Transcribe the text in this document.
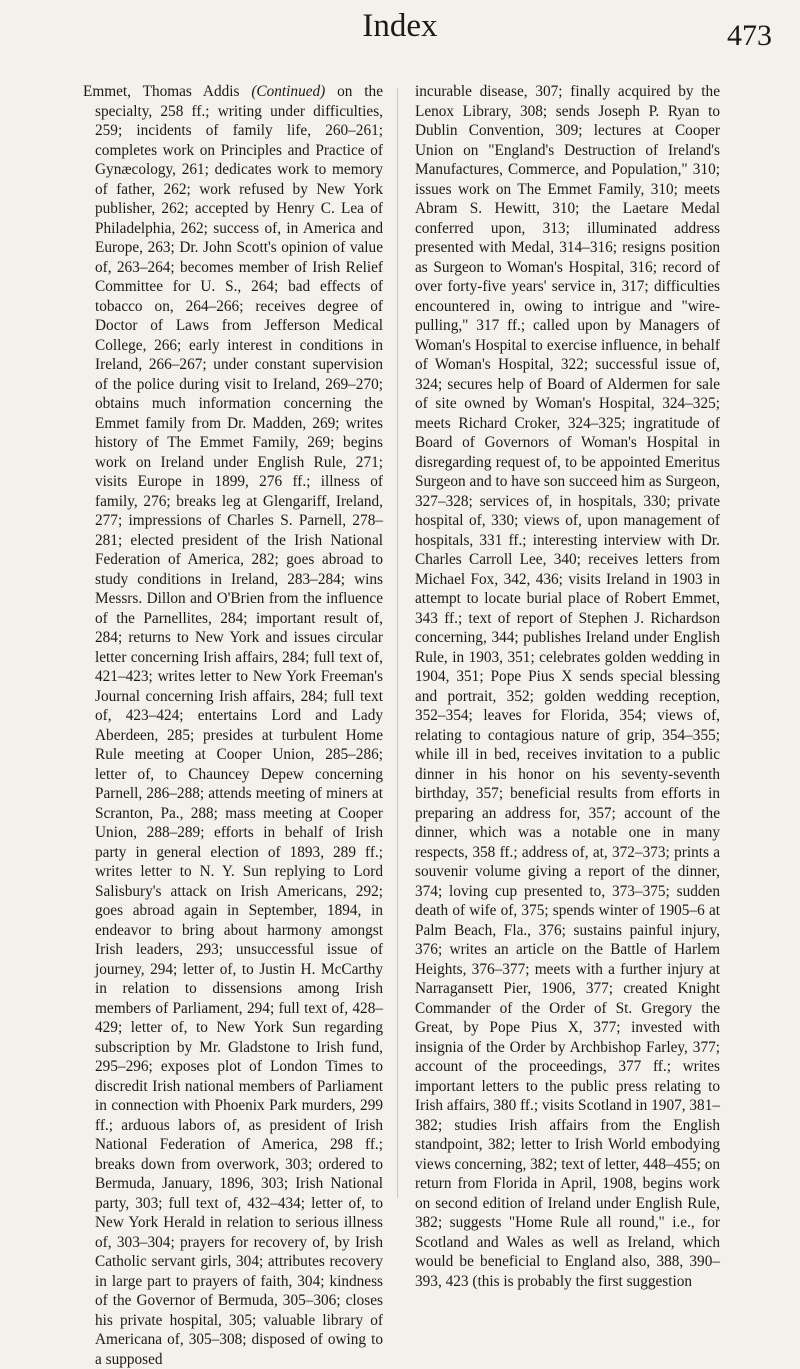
Index	473

Emmet, Thomas Addis (Continued) on the specialty, 258 ff.; writing under difficulties, 259; incidents of family life, 260–261; completes work on Principles and Practice of Gynæcology, 261; dedicates work to memory of father, 262; work refused by New York publisher, 262; accepted by Henry C. Lea of Philadelphia, 262; success of, in America and Europe, 263; Dr. John Scott's opinion of value of, 263–264; becomes member of Irish Relief Committee for U. S., 264; bad effects of tobacco on, 264–266; receives degree of Doctor of Laws from Jefferson Medical College, 266; early interest in conditions in Ireland, 266–267; under constant supervision of the police during visit to Ireland, 269–270; obtains much information concerning the Emmet family from Dr. Madden, 269; writes history of The Emmet Family, 269; begins work on Ireland under English Rule, 271; visits Europe in 1899, 276 ff.; illness of family, 276; breaks leg at Glengariff, Ireland, 277; impressions of Charles S. Parnell, 278–281; elected president of the Irish National Federation of America, 282; goes abroad to study conditions in Ireland, 283–284; wins Messrs. Dillon and O'Brien from the influence of the Parnellites, 284; important result of, 284; returns to New York and issues circular letter concerning Irish affairs, 284; full text of, 421–423; writes letter to New York Freeman's Journal concerning Irish affairs, 284; full text of, 423–424; entertains Lord and Lady Aberdeen, 285; presides at turbulent Home Rule meeting at Cooper Union, 285–286; letter of, to Chauncey Depew concerning Parnell, 286–288; attends meeting of miners at Scranton, Pa., 288; mass meeting at Cooper Union, 288–289; efforts in behalf of Irish party in general election of 1893, 289 ff.; writes letter to N. Y. Sun replying to Lord Salisbury's attack on Irish Americans, 292; goes abroad again in September, 1894, in endeavor to bring about harmony amongst Irish leaders, 293; unsuccessful issue of journey, 294; letter of, to Justin H. McCarthy in relation to dissensions among Irish members of Parliament, 294; full text of, 428–429; letter of, to New York Sun regarding subscription by Mr. Gladstone to Irish fund, 295–296; exposes plot of London Times to discredit Irish national members of Parliament in connection with Phoenix Park murders, 299 ff.; arduous labors of, as president of Irish National Federation of America, 298 ff.; breaks down from overwork, 303; ordered to Bermuda, January, 1896, 303; Irish National party, 303; full text of, 432–434; letter of, to New York Herald in relation to serious illness of, 303–304; prayers for recovery of, by Irish Catholic servant girls, 304; attributes recovery in large part to prayers of faith, 304; kindness of the Governor of Bermuda, 305–306; closes his private hospital, 305; valuable library of Americana of, 305–308; disposed of owing to a supposed

incurable disease, 307; finally acquired by the Lenox Library, 308; sends Joseph P. Ryan to Dublin Convention, 309; lectures at Cooper Union on "England's Destruction of Ireland's Manufactures, Commerce, and Population," 310; issues work on The Emmet Family, 310; meets Abram S. Hewitt, 310; the Laetare Medal conferred upon, 313; illuminated address presented with Medal, 314–316; resigns position as Surgeon to Woman's Hospital, 316; record of over forty-five years' service in, 317; difficulties encountered in, owing to intrigue and "wire-pulling," 317 ff.; called upon by Managers of Woman's Hospital to exercise influence, in behalf of Woman's Hospital, 322; successful issue of, 324; secures help of Board of Aldermen for sale of site owned by Woman's Hospital, 324–325; meets Richard Croker, 324–325; ingratitude of Board of Governors of Woman's Hospital in disregarding request of, to be appointed Emeritus Surgeon and to have son succeed him as Surgeon, 327–328; services of, in hospitals, 330; private hospital of, 330; views of, upon management of hospitals, 331 ff.; interesting interview with Dr. Charles Carroll Lee, 340; receives letters from Michael Fox, 342, 436; visits Ireland in 1903 in attempt to locate burial place of Robert Emmet, 343 ff.; text of report of Stephen J. Richardson concerning, 344; publishes Ireland under English Rule, in 1903, 351; celebrates golden wedding in 1904, 351; Pope Pius X sends special blessing and portrait, 352; golden wedding reception, 352–354; leaves for Florida, 354; views of, relating to contagious nature of grip, 354–355; while ill in bed, receives invitation to a public dinner in his honor on his seventy-seventh birthday, 357; beneficial results from efforts in preparing an address for, 357; account of the dinner, which was a notable one in many respects, 358 ff.; address of, at, 372–373; prints a souvenir volume giving a report of the dinner, 374; loving cup presented to, 373–375; sudden death of wife of, 375; spends winter of 1905–6 at Palm Beach, Fla., 376; sustains painful injury, 376; writes an article on the Battle of Harlem Heights, 376–377; meets with a further injury at Narragansett Pier, 1906, 377; created Knight Commander of the Order of St. Gregory the Great, by Pope Pius X, 377; invested with insignia of the Order by Archbishop Farley, 377; account of the proceedings, 377 ff.; writes important letters to the public press relating to Irish affairs, 380 ff.; visits Scotland in 1907, 381–382; studies Irish affairs from the English standpoint, 382; letter to Irish World embodying views concerning, 382; text of letter, 448–455; on return from Florida in April, 1908, begins work on second edition of Ireland under English Rule, 382; suggests "Home Rule all round," i.e., for Scotland and Wales as well as Ireland, which would be beneficial to England also, 388, 390–393, 423 (this is probably the first suggestion
